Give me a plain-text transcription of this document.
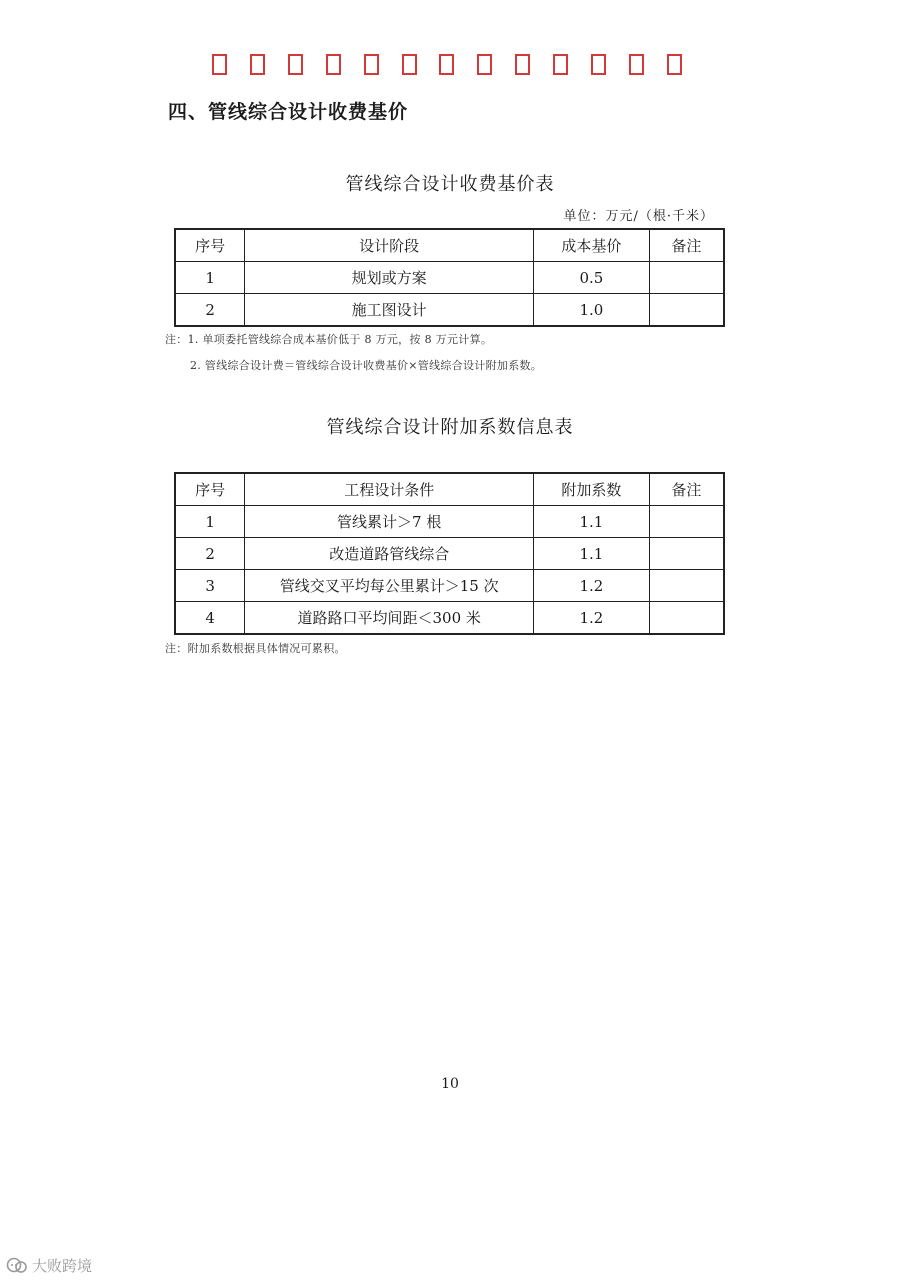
四、管线综合设计收费基价
管线综合设计收费基价表
单位：万元/（根·千米）
序号	设计阶段	成本基价	备注
1	规划或方案	0.5	
2	施工图设计	1.0	
注：1. 单项委托管线综合成本基价低于 8 万元，按 8 万元计算。
2. 管线综合设计费＝管线综合设计收费基价×管线综合设计附加系数。
管线综合设计附加系数信息表
序号	工程设计条件	附加系数	备注
1	管线累计＞7 根	1.1	
2	改造道路管线综合	1.1	
3	管线交叉平均每公里累计＞15 次	1.2	
4	道路路口平均间距＜300 米	1.2	
注：附加系数根据具体情况可累积。
10
大败跨境
